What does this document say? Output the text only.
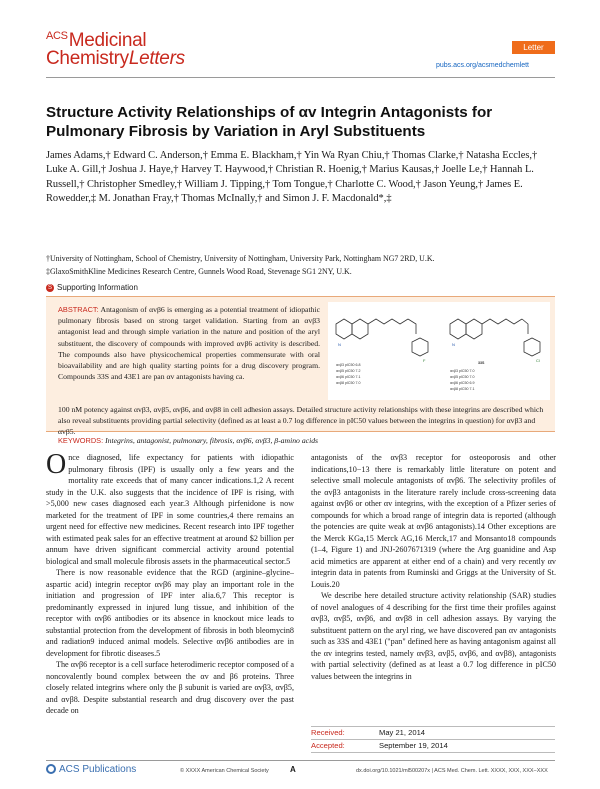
$^{ACS}$Medicinal
ChemistryLetters
Letter
pubs.acs.org/acsmedchemlett
Structure Activity Relationships of αv Integrin Antagonists for Pulmonary Fibrosis by Variation in Aryl Substituents
James Adams,† Edward C. Anderson,† Emma E. Blackham,† Yin Wa Ryan Chiu,† Thomas Clarke,† Natasha Eccles,† Luke A. Gill,† Joshua J. Haye,† Harvey T. Haywood,† Christian R. Hoenig,† Marius Kausas,† Joelle Le,† Hannah L. Russell,† Christopher Smedley,† William J. Tipping,† Tom Tongue,† Charlotte C. Wood,† Jason Yeung,† James E. Rowedder,‡ M. Jonathan Fray,† Thomas McInally,† and Simon J. F. Macdonald*,‡
†University of Nottingham, School of Chemistry, University of Nottingham, University Park, Nottingham NG7 2RD, U.K.
‡GlaxoSmithKline Medicines Research Centre, Gunnels Wood Road, Stevenage SG1 2NY, U.K.
S Supporting Information
ABSTRACT: Antagonism of αvβ6 is emerging as a potential treatment of idiopathic pulmonary fibrosis based on strong target validation. Starting from an αvβ3 antagonist lead and through simple variation in the nature and position of the aryl substituent, the discovery of compounds with improved αvβ6 activity is described. The compounds also have physicochemical properties commensurate with oral bioavailability and are high quality starting points for a drug discovery program. Compounds 33S and 43E1 are pan αv antagonists having ca.
100 nM potency against αvβ3, αvβ5, αvβ6, and αvβ8 in cell adhesion assays. Detailed structure activity relationships with these integrins are described which also reveal substituents providing partial selectivity (defined as at least a 0.7 log difference in pIC50 values between the integrins in question) for αvβ3 and αvβ5.
N	N
F	Cl
αvβ3 pIC50 6.8
αvβ5 pIC50 7.2
αvβ6 pIC50 7.1
αvβ8 pIC50 7.0
33S
αvβ3 pIC50 7.0
αvβ5 pIC50 7.0
αvβ6 pIC50 6.9
αvβ8 pIC50 7.1
KEYWORDS: Integrins, antagonist, pulmonary, fibrosis, αvβ6, αvβ3, β-amino acids

Once diagnosed, life expectancy for patients with idiopathic pulmonary fibrosis (IPF) is usually only a few years and the mortality rate exceeds that of many cancer indications.1,2 A recent study in the U.K. also suggests that the incidence of IPF is rising, with >5,000 new cases diagnosed each year.3 Although pirfenidone is now marketed for the treatment of IPF in some countries,4 there remains an urgent need for effective new medicines. Recent research into IPF together with estimated peak sales for an effective treatment at around $2 billion per annum have driven significant commercial activity around potential biological and small molecule fibrosis assets in the pharmaceutical sector.5

There is now reasonable evidence that the RGD (arginine–glycine–aspartic acid) integrin receptor αvβ6 may play an important role in the initiation and progression of IPF inter alia.6,7 This receptor is predominantly expressed in injured lung tissue, and inhibition of the receptor with αvβ6 antibodies or its absence in knockout mice leads to substantial protection from the development of fibrosis in both bleomycin8 and radiation9 induced animal models. Selective αvβ6 antibodies are in development for fibrotic diseases.5

The αvβ6 receptor is a cell surface heterodimeric receptor composed of a noncovalently bound complex between the αv and β6 proteins. Three closely related integrins where only the β subunit is varied are αvβ3, αvβ5, and αvβ8. Despite substantial research and drug discovery over the past decade on

antagonists of the αvβ3 receptor for osteoporosis and other indications,10−13 there is remarkably little literature on potent and selective small molecule antagonists of αvβ6. The selectivity profiles of the αvβ3 antagonists in the literature rarely include cross-screening data against αvβ6 or other αv integrins, with the exception of a Pfizer series of compounds for which a broad range of integrin data is reported (although the potencies are quite weak at αvβ6 antagonists).14 Other exceptions are the Merck KGa,15 Merck AG,16 Merck,17 and Monsanto18 compounds (1–4, Figure 1) and JNJ-2607671319 (where the Arg guanidine and Asp acid mimetics are apparent at either end of a chain) and very recently αv integrin data in patents from Ruminski and Griggs at the University of St. Louis.20

We describe here detailed structure activity relationship (SAR) studies of novel analogues of 4 describing for the first time their profiles against αvβ3, αvβ5, αvβ6, and αvβ8 in cell adhesion assays. By varying the substituent pattern on the aryl ring, we have discovered pan αv antagonists such as 33S and 43E1 ("pan" defined here as having antagonism against all the αv integrins tested, namely αvβ3, αvβ5, αvβ6, and αvβ8), antagonists with partial selectivity (defined as at least a 0.7 log difference in pIC50 values between the integrins in

Received:	May 21, 2014
Accepted:	September 19, 2014
ACS Publications	© XXXX American Chemical Society	A	dx.doi.org/10.1021/ml500207x | ACS Med. Chem. Lett. XXXX, XXX, XXX−XXX
